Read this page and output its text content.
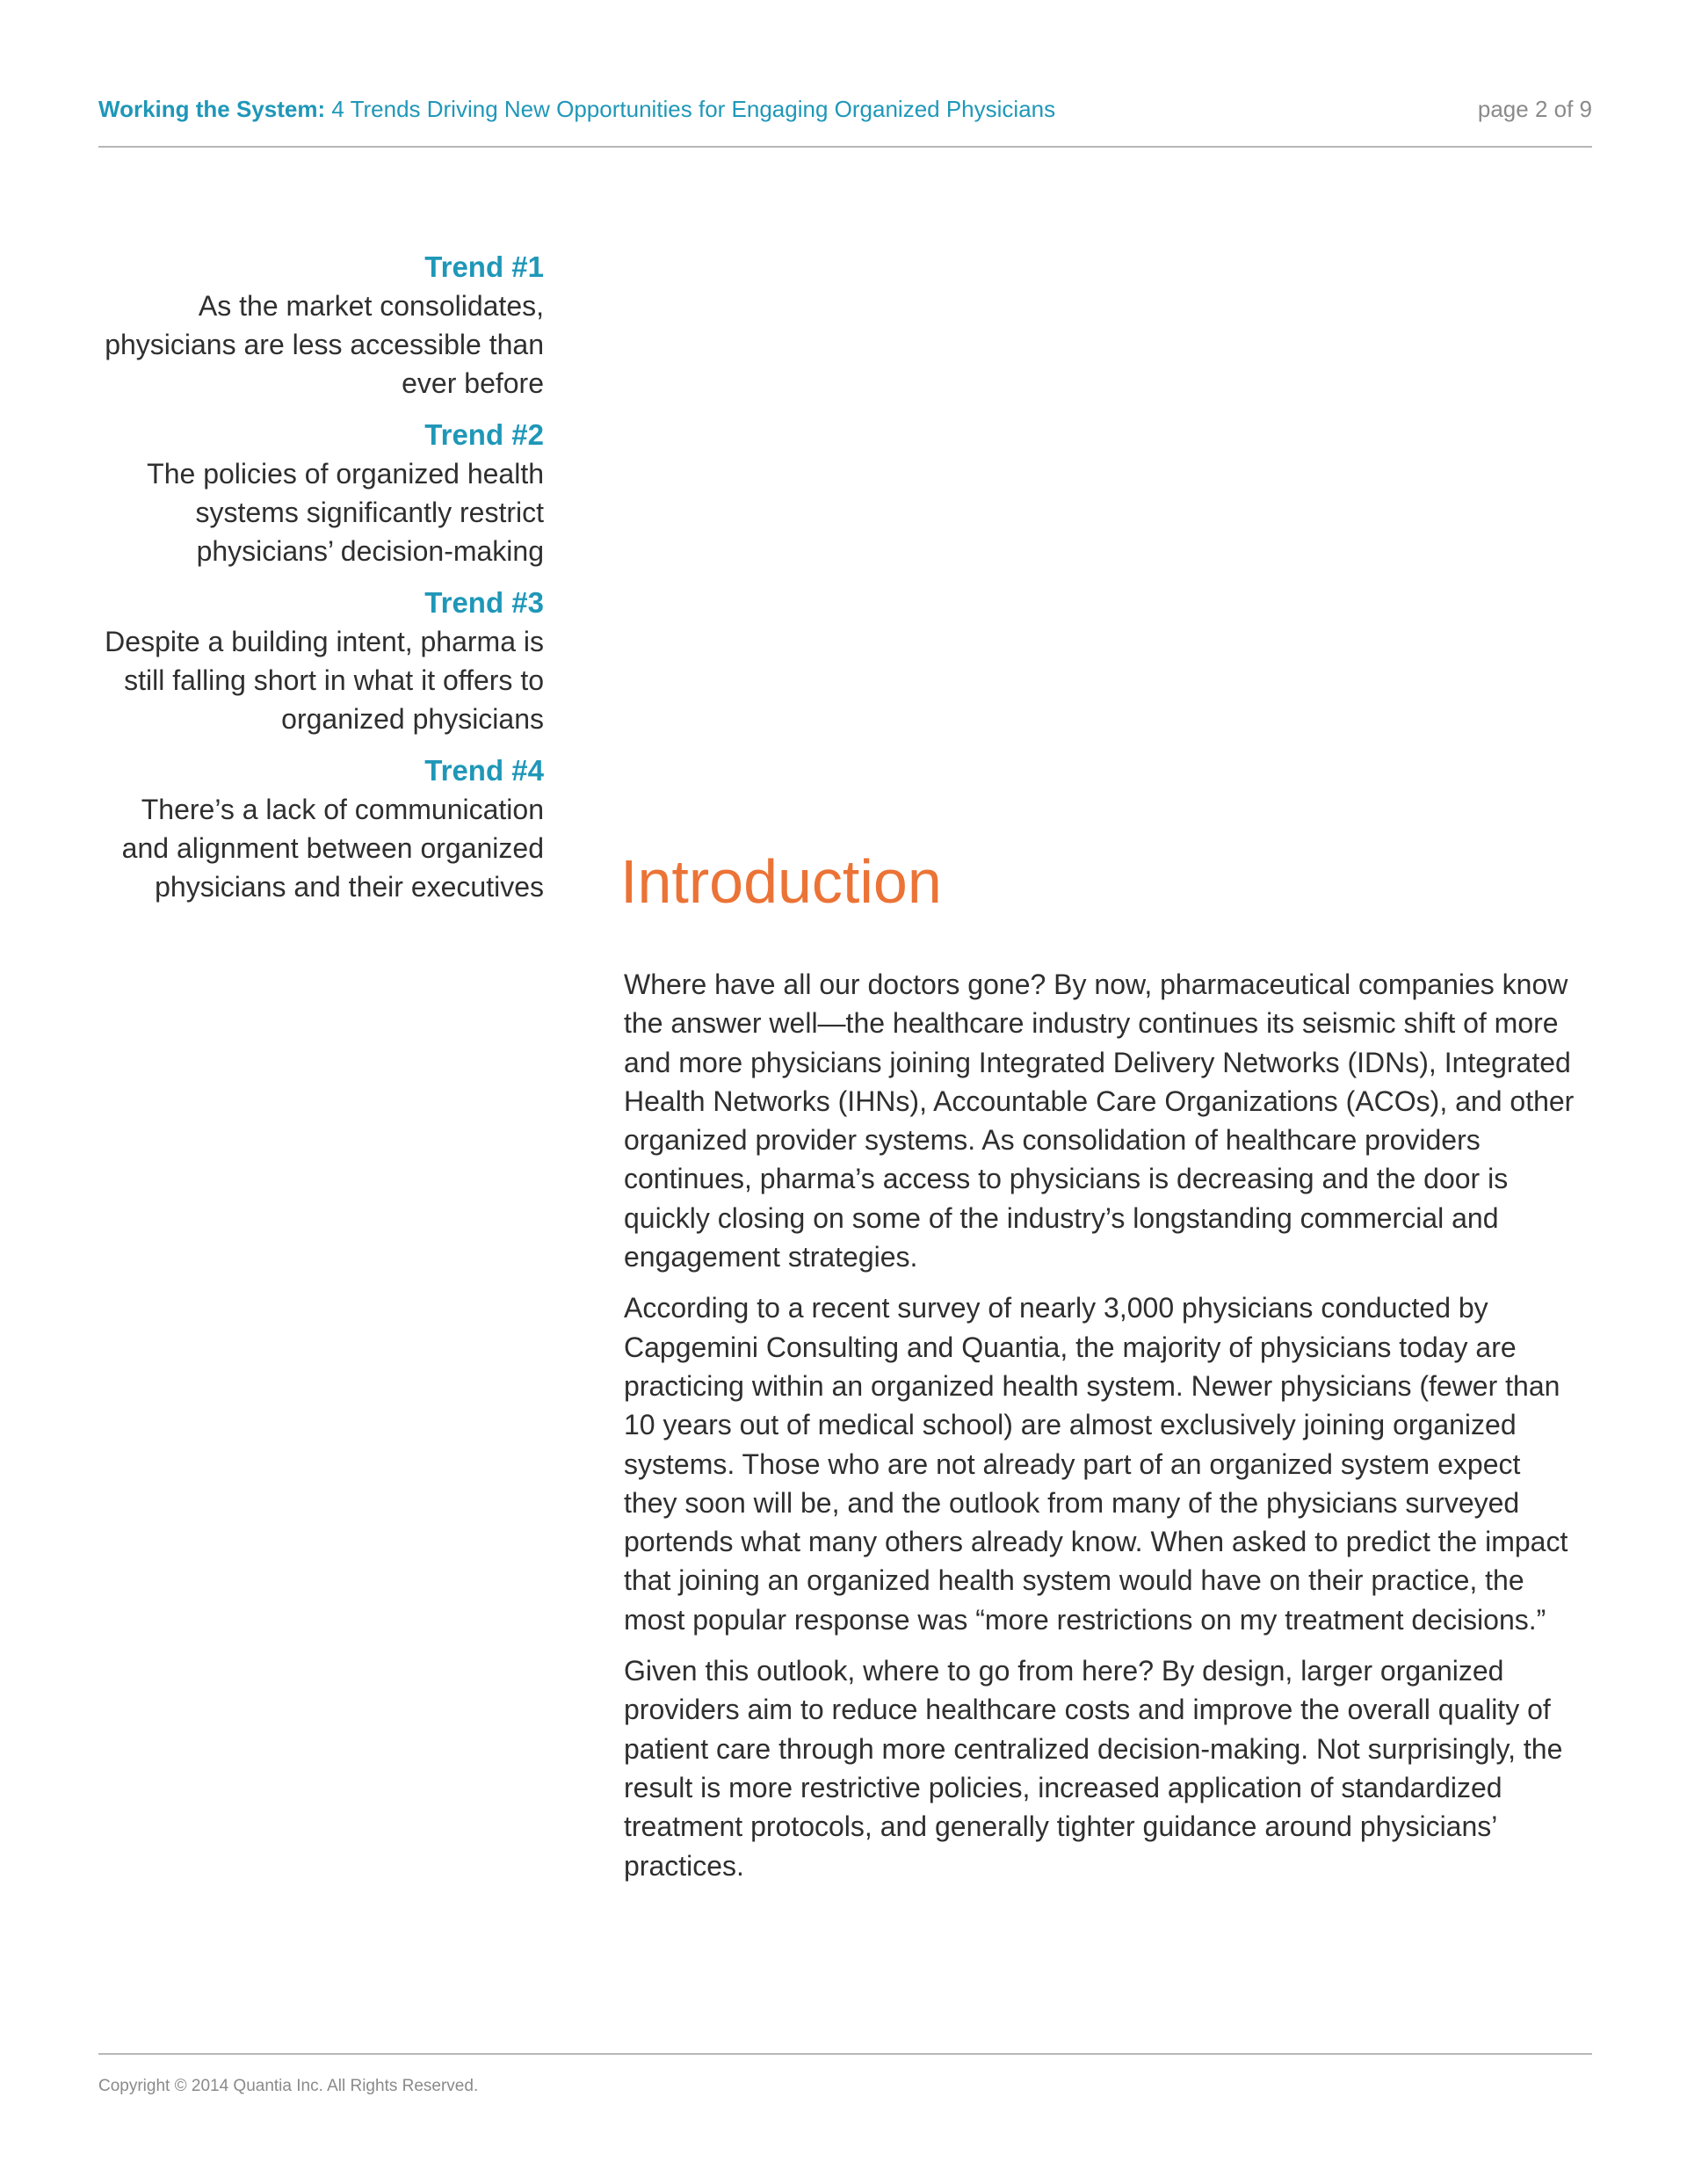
Working the System: 4 Trends Driving New Opportunities for Engaging Organized Physicians	page 2 of 9
Trend #1
As the market consolidates, physicians are less accessible than ever before
Trend #2
The policies of organized health systems significantly restrict physicians’ decision-making
Trend #3
Despite a building intent, pharma is still falling short in what it offers to organized physicians
Trend #4
There’s a lack of communication and alignment between organized physicians and their executives Introduction

Where have all our doctors gone? By now, pharmaceutical companies know the answer well—the healthcare industry continues its seismic shift of more and more physicians joining Integrated Delivery Networks (IDNs), Integrated Health Networks (IHNs), Accountable Care Organizations (ACOs), and other organized provider systems. As consolidation of healthcare providers continues, pharma’s access to physicians is decreasing and the door is quickly closing on some of the industry’s longstanding commercial and engagement strategies.

According to a recent survey of nearly 3,000 physicians conducted by Capgemini Consulting and Quantia, the majority of physicians today are practicing within an organized health system. Newer physicians (fewer than 10 years out of medical school) are almost exclusively joining organized systems. Those who are not already part of an organized system expect they soon will be, and the outlook from many of the physicians surveyed portends what many others already know. When asked to predict the impact that joining an organized health system would have on their practice, the most popular response was “more restrictions on my treatment decisions.”

Given this outlook, where to go from here? By design, larger organized providers aim to reduce healthcare costs and improve the overall quality of patient care through more centralized decision-making. Not surprisingly, the result is more restrictive policies, increased application of standardized treatment protocols, and generally tighter guidance around physicians’ practices.

Copyright © 2014 Quantia Inc. All Rights Reserved.
